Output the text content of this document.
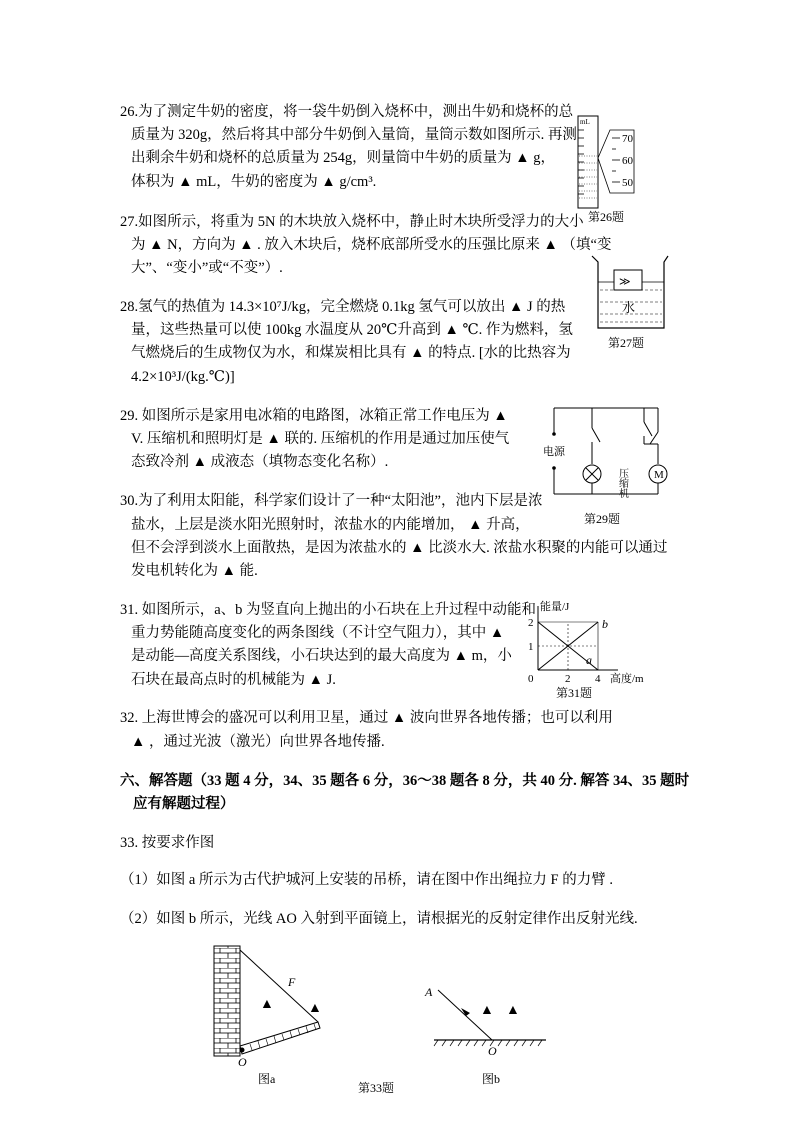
26.为了测定牛奶的密度，将一袋牛奶倒入烧杯中，测出牛奶和烧杯的总
质量为 320g，然后将其中部分牛奶倒入量筒，量筒示数如图所示. 再测
出剩余牛奶和烧杯的总质量为 254g，则量筒中牛奶的质量为 ▲ g，
体积为 ▲ mL，牛奶的密度为 ▲ g/cm³.
mL
70
60
50
第26题
27.如图所示，将重为 5N 的木块放入烧杯中，静止时木块所受浮力的大小
为 ▲ N，方向为 ▲ . 放入木块后，烧杯底部所受水的压强比原来 ▲ （填“变
大”、“变小”或“不变”）.
≫
水
第27题
28.氢气的热值为 14.3×10⁷J/kg，完全燃烧 0.1kg 氢气可以放出 ▲ J 的热
量，这些热量可以使 100kg 水温度从 20℃升高到 ▲ ℃. 作为燃料，氢
气燃烧后的生成物仅为水，和煤炭相比具有 ▲ 的特点. [水的比热容为
4.2×10³J/(kg.℃)]
29. 如图所示是家用电冰箱的电路图，冰箱正常工作电压为 ▲
V. 压缩机和照明灯是 ▲ 联的. 压缩机的作用是通过加压使气
态致冷剂 ▲ 成液态（填物态变化名称）.
电源
M
压缩机
第29题
30.为了利用太阳能，科学家们设计了一种“太阳池”，池内下层是浓
盐水，上层是淡水阳光照射时，浓盐水的内能增加， ▲ 升高，
但不会浮到淡水上面散热，是因为浓盐水的 ▲ 比淡水大. 浓盐水积聚的内能可以通过
发电机转化为 ▲ 能.
31. 如图所示，a、b 为竖直向上抛出的小石块在上升过程中动能和
重力势能随高度变化的两条图线（不计空气阻力），其中 ▲
是动能—高度关系图线，小石块达到的最大高度为 ▲ m，小
石块在最高点时的机械能为 ▲ J.
2
1
2 4
0
能量/J
高度/m
a
b
第31题
32. 上海世博会的盛况可以利用卫星，通过 ▲ 波向世界各地传播；也可以利用
▲ ，通过光波（激光）向世界各地传播.
六、解答题（33 题 4 分，34、35 题各 6 分，36～38 题各 8 分，共 40 分. 解答 34、35 题时
应有解题过程）
33. 按要求作图
（1）如图 a 所示为古代护城河上安装的吊桥，请在图中作出绳拉力 F 的力臂 .
（2）如图 b 所示，光线 AO 入射到平面镜上，请根据光的反射定律作出反射光线.
F
O
▲ ▲
图a
A
O
▲ ▲
图b
第33题
